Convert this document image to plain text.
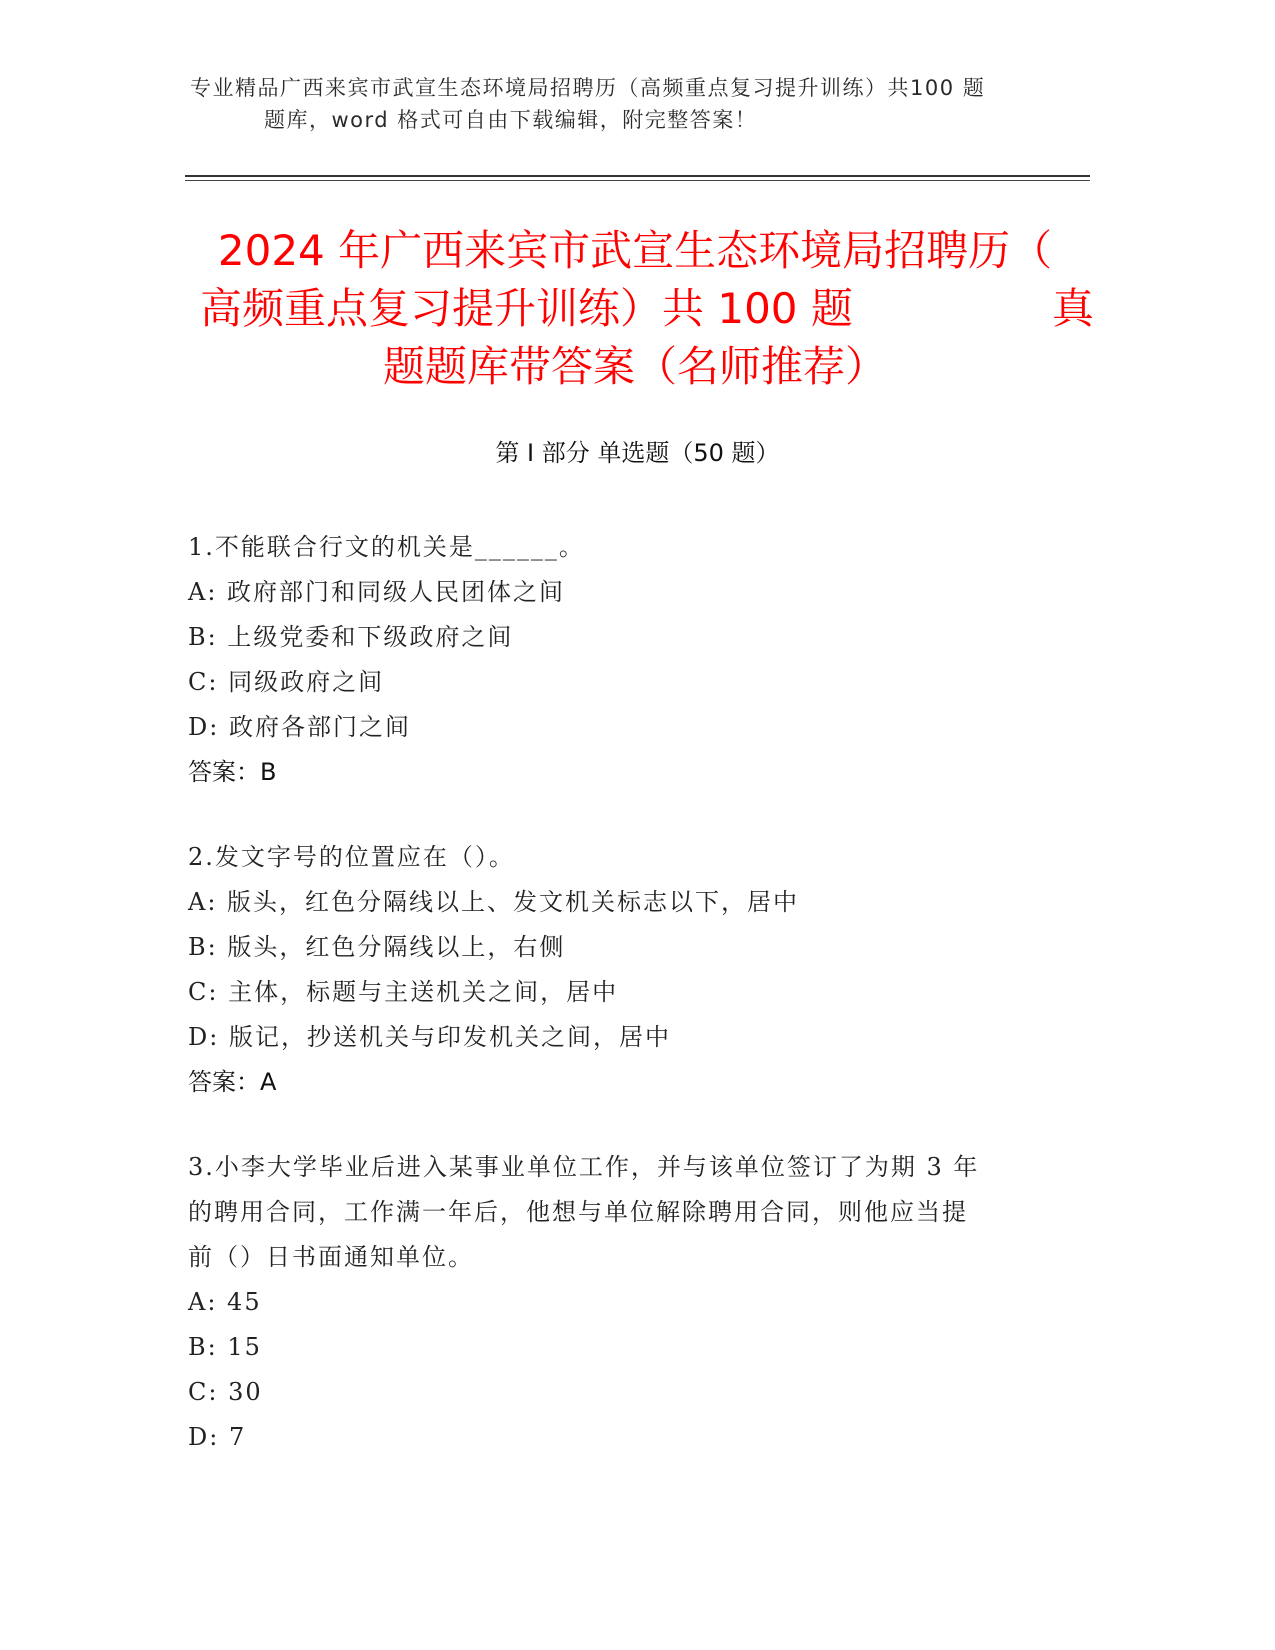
专业精品广西来宾市武宣生态环境局招聘历（高频重点复习提升训练）共100 题
题库，word 格式可自由下载编辑，附完整答案！
2024 年广西来宾市武宣生态环境局招聘历（
高频重点复习提升训练）共 100 题	真
题题库带答案（名师推荐）
第 I 部分 单选题（50 题）

1.不能联合行文的机关是______。

A: 政府部门和同级人民团体之间

B: 上级党委和下级政府之间

C: 同级政府之间

D: 政府各部门之间

答案：B

2.发文字号的位置应在（）。

A: 版头，红色分隔线以上、发文机关标志以下，居中

B: 版头，红色分隔线以上，右侧

C: 主体，标题与主送机关之间，居中

D: 版记，抄送机关与印发机关之间，居中

答案：A

3.小李大学毕业后进入某事业单位工作，并与该单位签订了为期 3 年

的聘用合同，工作满一年后，他想与单位解除聘用合同，则他应当提

前（）日书面通知单位。

A: 45

B: 15

C: 30

D: 7
